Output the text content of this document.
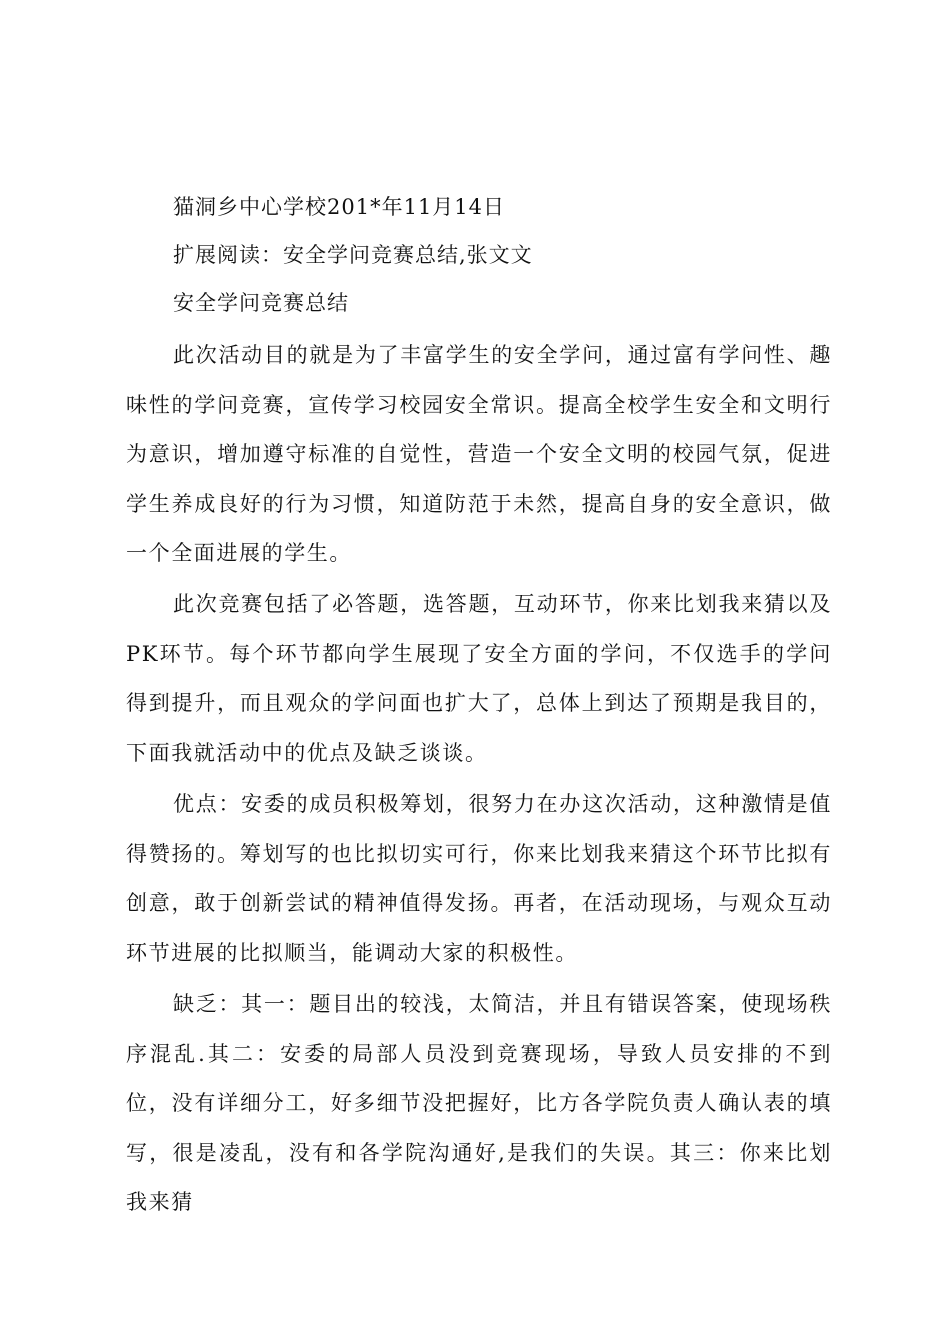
猫洞乡中心学校201*年11月14日
扩展阅读：安全学问竞赛总结,张文文
安全学问竞赛总结

此次活动目的就是为了丰富学生的安全学问，通过富有学问性、趣味性的学问竞赛，宣传学习校园安全常识。提高全校学生安全和文明行为意识，增加遵守标准的自觉性，营造一个安全文明的校园气氛，促进学生养成良好的行为习惯，知道防范于未然，提高自身的安全意识，做一个全面进展的学生。

此次竞赛包括了必答题，选答题，互动环节，你来比划我来猜以及PK环节。每个环节都向学生展现了安全方面的学问，不仅选手的学问得到提升，而且观众的学问面也扩大了，总体上到达了预期是我目的，下面我就活动中的优点及缺乏谈谈。

优点：安委的成员积极筹划，很努力在办这次活动，这种激情是值得赞扬的。筹划写的也比拟切实可行，你来比划我来猜这个环节比拟有创意，敢于创新尝试的精神值得发扬。再者，在活动现场，与观众互动环节进展的比拟顺当，能调动大家的积极性。

缺乏：其一：题目出的较浅，太简洁，并且有错误答案，使现场秩序混乱.其二：安委的局部人员没到竞赛现场，导致人员安排的不到位，没有详细分工，好多细节没把握好，比方各学院负责人确认表的填写，很是凌乱，没有和各学院沟通好,是我们的失误。其三：你来比划我来猜
